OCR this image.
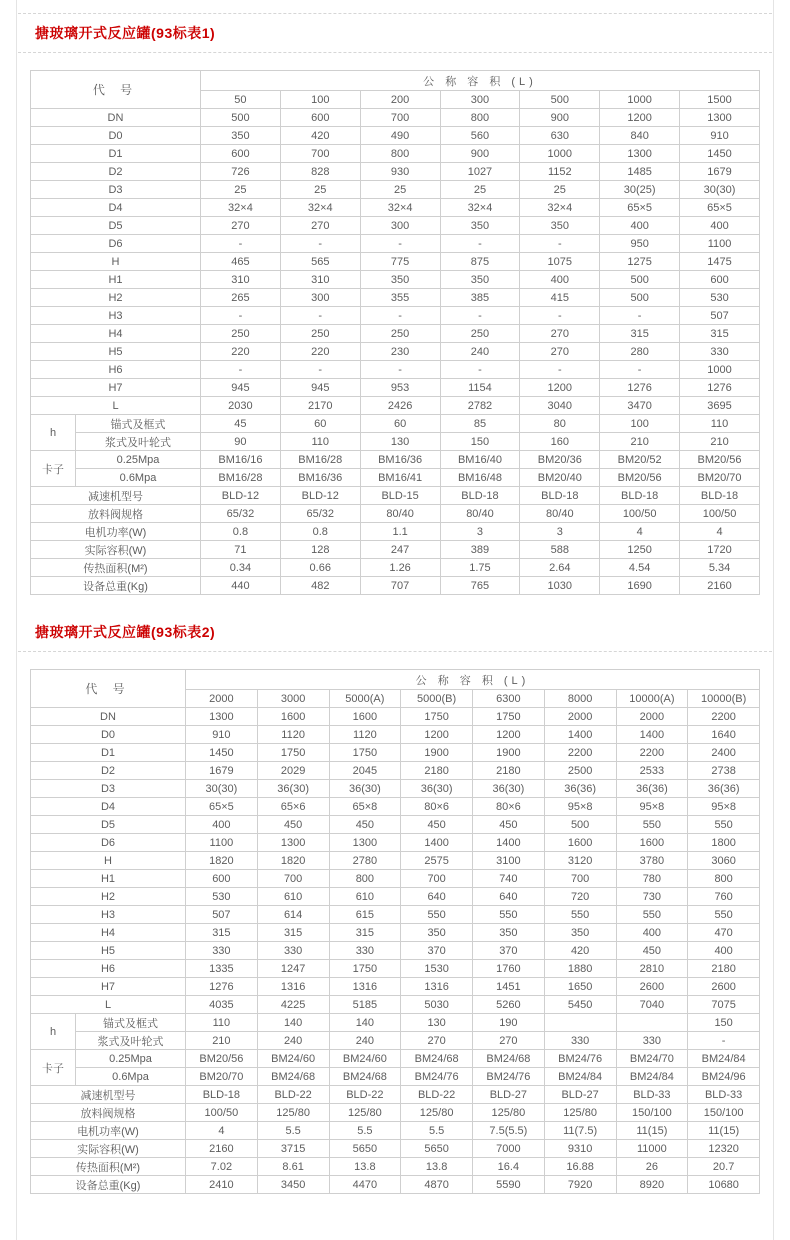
搪玻璃开式反应罐(93标表1)
代 号		公 称 容 积 (L)						
		50	100	200	300	500	1000	1500
DN		500	600	700	800	900	1200	1300
D0		350	420	490	560	630	840	910
D1		600	700	800	900	1000	1300	1450
D2		726	828	930	1027	1152	1485	1679
D3		25	25	25	25	25	30(25)	30(30)
D4		32×4	32×4	32×4	32×4	32×4	65×5	65×5
D5		270	270	300	350	350	400	400
D6		-	-	-	-	-	950	1100
H		465	565	775	875	1075	1275	1475
H1		310	310	350	350	400	500	600
H2		265	300	355	385	415	500	530
H3		-	-	-	-	-	-	507
H4		250	250	250	250	270	315	315
H5		220	220	230	240	270	280	330
H6		-	-	-	-	-	-	1000
H7		945	945	953	1154	1200	1276	1276
L		2030	2170	2426	2782	3040	3470	3695
h	锚式及框式	45	60	60	85	80	100	110
	浆式及叶轮式	90	110	130	150	160	210	210
卡子	0.25Mpa	BM16/16	BM16/28	BM16/36	BM16/40	BM20/36	BM20/52	BM20/56
	0.6Mpa	BM16/28	BM16/36	BM16/41	BM16/48	BM20/40	BM20/56	BM20/70
减速机型号		BLD-12	BLD-12	BLD-15	BLD-18	BLD-18	BLD-18	BLD-18
放料阀规格		65/32	65/32	80/40	80/40	80/40	100/50	100/50
电机功率(W)		0.8	0.8	1.1	3	3	4	4
实际容积(W)		71	128	247	389	588	1250	1720
传热面积(M²)		0.34	0.66	1.26	1.75	2.64	4.54	5.34
设备总重(Kg)		440	482	707	765	1030	1690	2160
搪玻璃开式反应罐(93标表2)
代 号		公 称 容 积 (L)							
		2000	3000	5000(A)	5000(B)	6300	8000	10000(A)	10000(B)
DN		1300	1600	1600	1750	1750	2000	2000	2200
D0		910	1120	1120	1200	1200	1400	1400	1640
D1		1450	1750	1750	1900	1900	2200	2200	2400
D2		1679	2029	2045	2180	2180	2500	2533	2738
D3		30(30)	36(30)	36(30)	36(30)	36(30)	36(36)	36(36)	36(36)
D4		65×5	65×6	65×8	80×6	80×6	95×8	95×8	95×8
D5		400	450	450	450	450	500	550	550
D6		1100	1300	1300	1400	1400	1600	1600	1800
H		1820	1820	2780	2575	3100	3120	3780	3060
H1		600	700	800	700	740	700	780	800
H2		530	610	610	640	640	720	730	760
H3		507	614	615	550	550	550	550	550
H4		315	315	315	350	350	350	400	470
H5		330	330	330	370	370	420	450	400
H6		1335	1247	1750	1530	1760	1880	2810	2180
H7		1276	1316	1316	1316	1451	1650	2600	2600
L		4035	4225	5185	5030	5260	5450	7040	7075
h	锚式及框式	110	140	140	130	190			150
	浆式及叶轮式	210	240	240	270	270	330	330	-
卡子	0.25Mpa	BM20/56	BM24/60	BM24/60	BM24/68	BM24/68	BM24/76	BM24/70	BM24/84
	0.6Mpa	BM20/70	BM24/68	BM24/68	BM24/76	BM24/76	BM24/84	BM24/84	BM24/96
减速机型号		BLD-18	BLD-22	BLD-22	BLD-22	BLD-27	BLD-27	BLD-33	BLD-33
放料阀规格		100/50	125/80	125/80	125/80	125/80	125/80	150/100	150/100
电机功率(W)		4	5.5	5.5	5.5	7.5(5.5)	11(7.5)	11(15)	11(15)
实际容积(W)		2160	3715	5650	5650	7000	9310	11000	12320
传热面积(M²)		7.02	8.61	13.8	13.8	16.4	16.88	26	20.7
设备总重(Kg)		2410	3450	4470	4870	5590	7920	8920	10680
